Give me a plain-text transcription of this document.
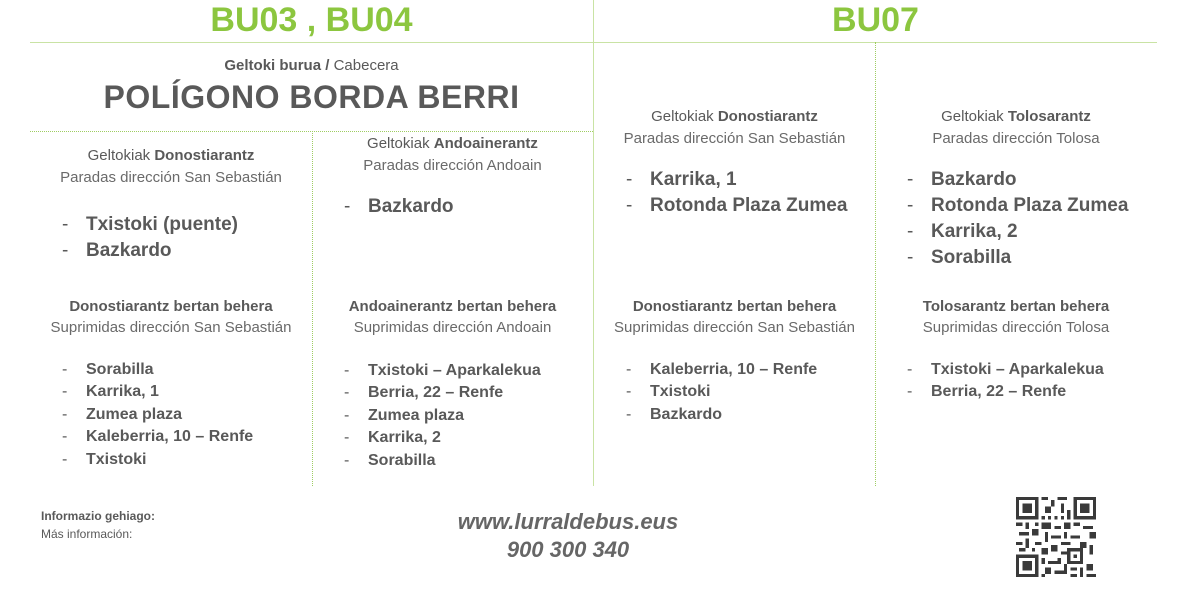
BU03 , BU04	BU07
Geltoki burua / Cabecera
POLÍGONO BORDA BERRI
Geltokiak Donostiarantz
Paradas dirección San Sebastián
- Txistoki (puente)
- Bazkardo
Donostiarantz bertan behera
Suprimidas dirección San Sebastián
- Sorabilla
- Karrika, 1
- Zumea plaza
- Kaleberria, 10 – Renfe
- Txistoki
Geltokiak Andoainerantz
Paradas dirección Andoain
- Bazkardo
Andoainerantz bertan behera
Suprimidas dirección Andoain
- Txistoki – Aparkalekua
- Berria, 22 – Renfe
- Zumea plaza
- Karrika, 2
- Sorabilla
Geltokiak Donostiarantz
Paradas dirección San Sebastián
- Karrika, 1
- Rotonda Plaza Zumea
Donostiarantz bertan behera
Suprimidas dirección San Sebastián
- Kaleberria, 10 – Renfe
- Txistoki
- Bazkardo
Geltokiak Tolosarantz
Paradas dirección Tolosa
- Bazkardo
- Rotonda Plaza Zumea
- Karrika, 2
- Sorabilla
Tolosarantz bertan behera
Suprimidas dirección Tolosa
- Txistoki – Aparkalekua
- Berria, 22 – Renfe
Informazio gehiago:
Más información:	www.lurraldebus.eus
900 300 340
